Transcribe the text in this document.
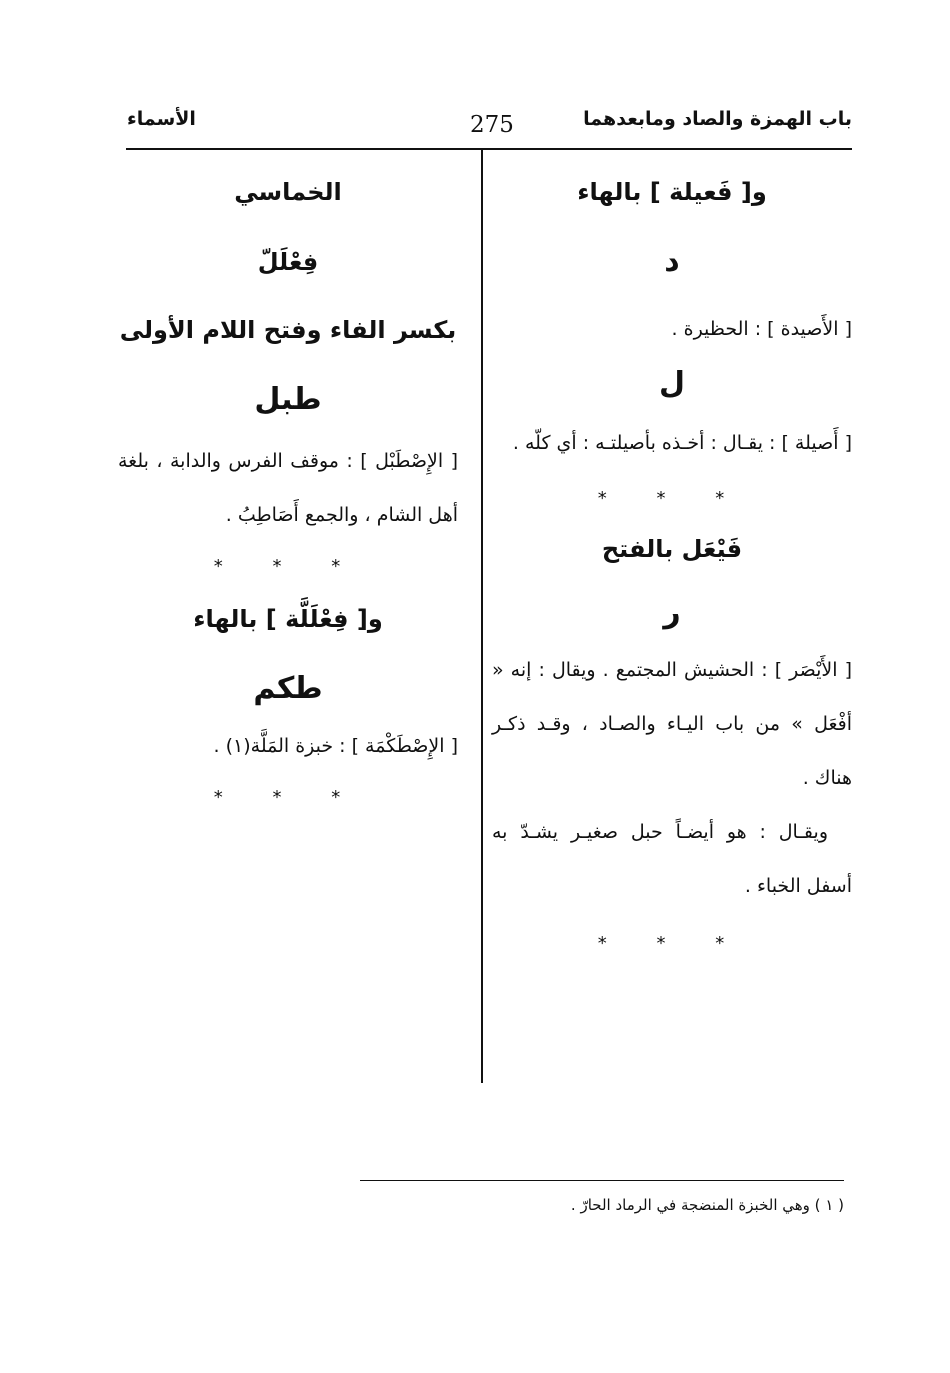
باب الهمزة والصاد ومابعدهما
275
الأسماء

و[ فَعيلة ] بالهاء

د

[ الأَصيدة ] : الحظيرة .

ل

[ أَصيلة ] : يقـال : أخـذه بأصيلتـه : أي كلّه .

* * *

فَيْعَل بالفتح

ر

[ الأَيْصَر ] : الحشيش المجتمع . ويقال : إنه « أفْعَل » من باب اليـاء والصـاد ، وقـد ذكـر هناك .

ويقـال : هو أيضـاً حبل صغيـر يشـدّ به أسفل الخباء .

* * *

الخماسي

فِعْلَلّ

بكسر الفاء وفتح اللام الأولى

طبل

[ الإِصْطَبْل ] : موقف الفرس والدابة ، بلغة أهل الشام ، والجمع أَصَاطِبُ .

* * *

و[ فِعْلَلَّة ] بالهاء

طكم

[ الإِصْطَكْمَة ] : خبزة المَلَّة(١) .

* * *

( ١ ) وهي الخبزة المنضجة في الرماد الحارّ .
